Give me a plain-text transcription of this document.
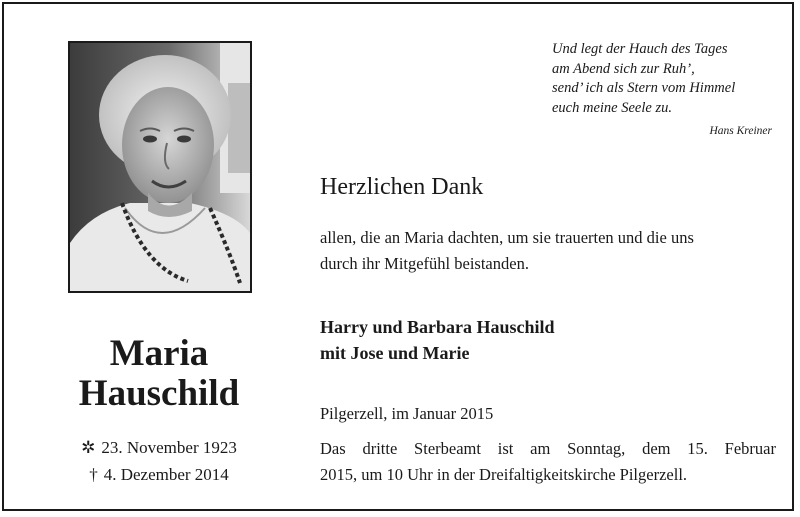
Maria
Hauschild
✲ 23. November 1923
† 4. Dezember 2014
Und legt der Hauch des Tages
am Abend sich zur Ruh’,
send’ ich als Stern vom Himmel
euch meine Seele zu.
Hans Kreiner
Herzlichen Dank
allen, die an Maria dachten, um sie trauerten und die uns
durch ihr Mitgefühl beistanden.
Harry und Barbara Hauschild
mit Jose und Marie
Pilgerzell, im Januar 2015
Das dritte Sterbeamt ist am Sonntag, dem 15. Februar
2015, um 10 Uhr in der Dreifaltigkeitskirche Pilgerzell.
